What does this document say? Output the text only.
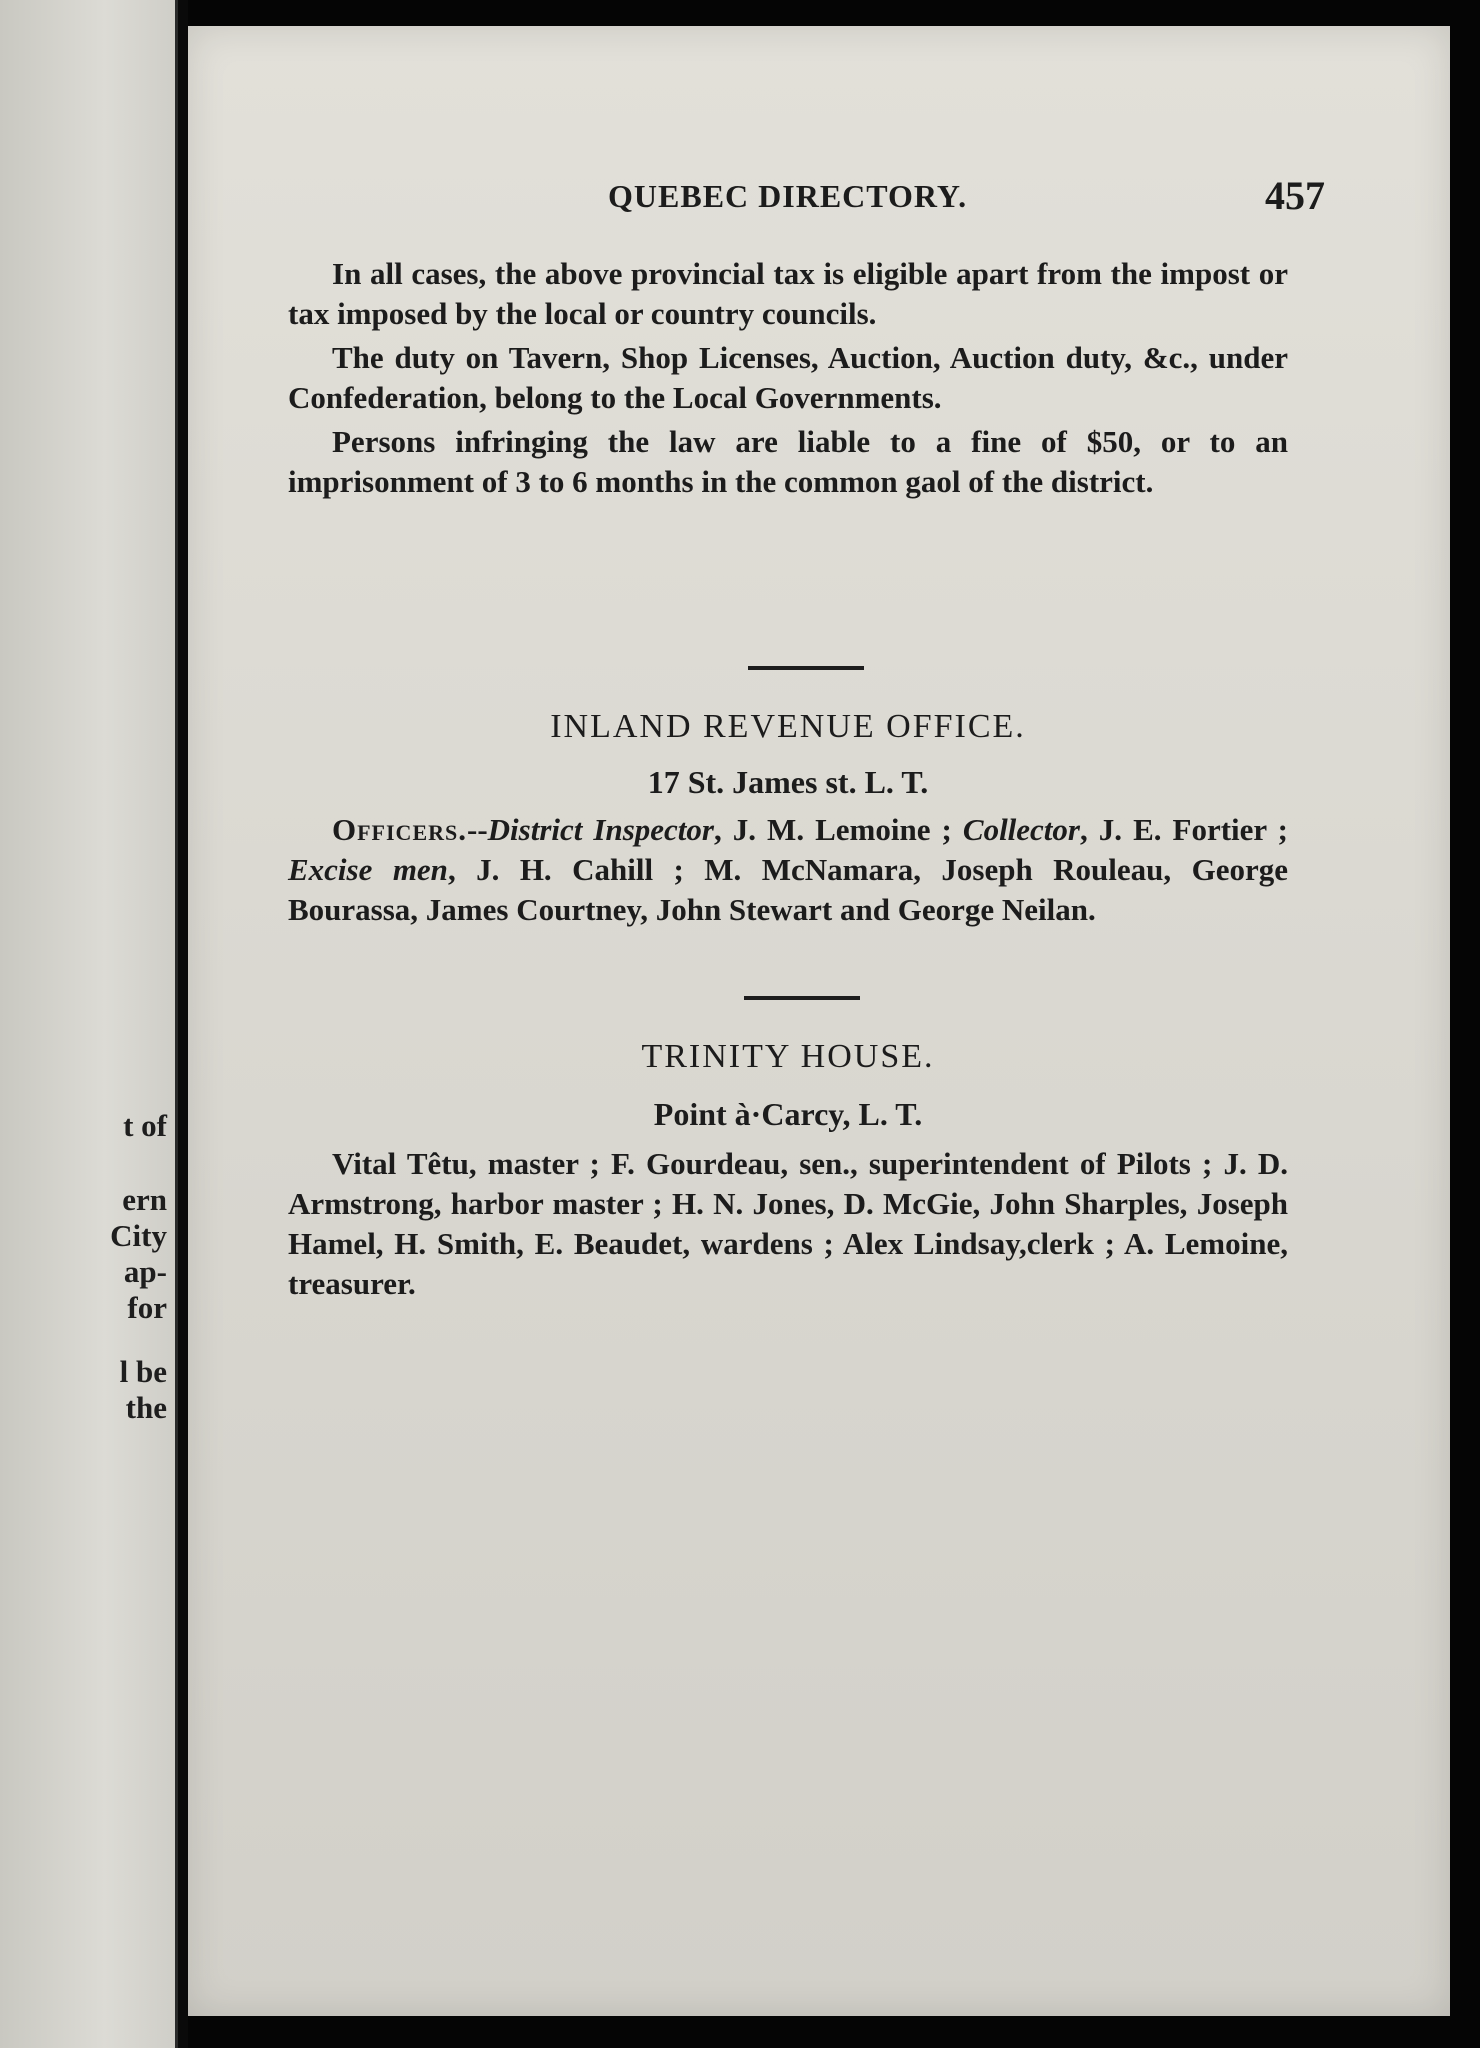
t of
ern
City
ap-
for
l be
the
QUEBEC DIRECTORY.	457

In all cases, the above provincial tax is eligible apart from the impost or tax imposed by the local or country councils.

The duty on Tavern, Shop Licenses, Auction, Auction duty, &c., under Confederation, belong to the Local Governments.

Persons infringing the law are liable to a fine of $50, or to an imprisonment of 3 to 6 months in the common gaol of the district.

INLAND REVENUE OFFICE.
17 St. James st. L. T.

Officers.--District Inspector, J. M. Lemoine ; Collector, J. E. Fortier ; Excise men, J. H. Cahill ; M. McNamara, Joseph Rouleau, George Bourassa, James Courtney, John Stewart and George Neilan.

TRINITY HOUSE.
Point à·Carcy, L. T.

Vital Têtu, master ; F. Gourdeau, sen., superintendent of Pilots ; J. D. Armstrong, harbor master ; H. N. Jones, D. McGie, John Sharples, Joseph Hamel, H. Smith, E. Beaudet, wardens ; Alex Lindsay,clerk ; A. Lemoine, treasurer.
